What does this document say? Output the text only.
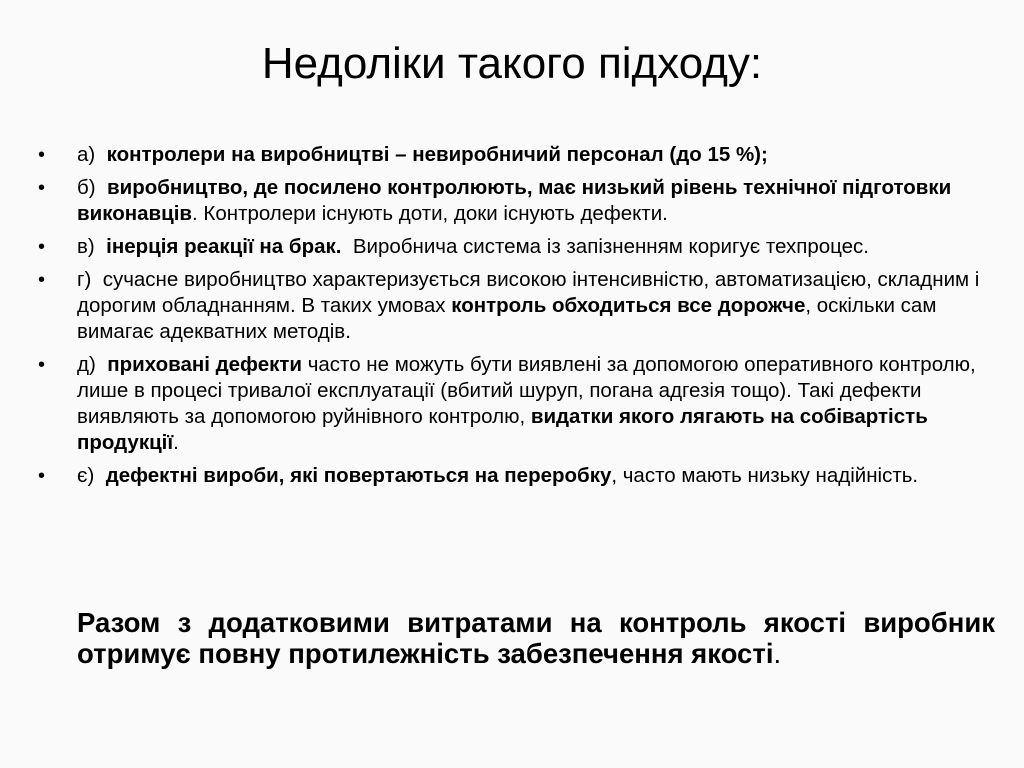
Недоліки такого підходу:
• а) контролери на виробництві – невиробничий персонал (до 15 %);
• б) виробництво, де посилено контролюють, має низький рівень технічної підготовки виконавців. Контролери існують доти, доки існують дефекти.
• в) інерція реакції на брак.  Виробнича система із запізненням коригує техпроцес.
• г) сучасне виробництво характеризується високою інтенсивністю, автоматизацією, складним і дорогим обладнанням. В таких умовах контроль обходиться все дорожче, оскільки сам вимагає адекватних методів.
• д) приховані дефекти часто не можуть бути виявлені за допомогою оперативного контролю, лише в процесі тривалої експлуатації (вбитий шуруп, погана адгезія тощо). Такі дефекти виявляють за допомогою руйнівного контролю, видатки якого лягають на собівартість продукції.
• є) дефектні вироби, які повертаються на переробку, часто мають низьку надійність.

Разом з додатковими витратами на контроль якості виробник отримує повну протилежність забезпечення якості.
